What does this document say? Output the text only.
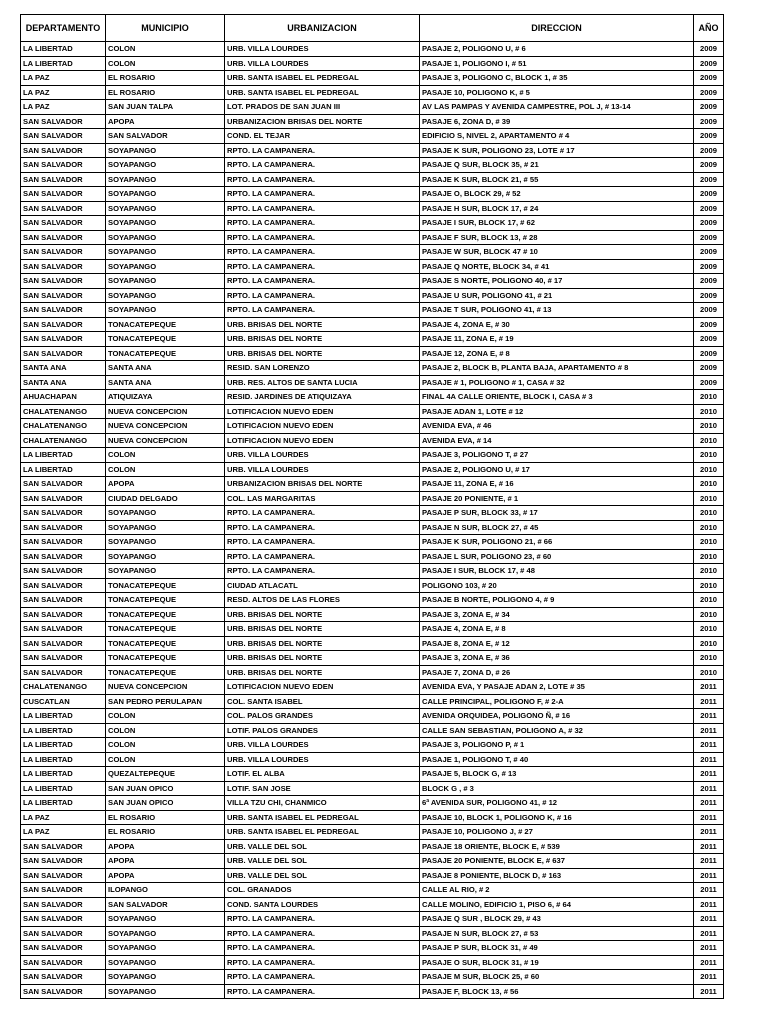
DEPARTAMENTO	MUNICIPIO	URBANIZACION	DIRECCION	AÑO
LA LIBERTAD	COLON	URB. VILLA LOURDES	PASAJE 2, POLIGONO U, # 6	2009
LA LIBERTAD	COLON	URB. VILLA LOURDES	PASAJE 1, POLIGONO I, # 51	2009
LA PAZ	EL ROSARIO	URB. SANTA ISABEL EL PEDREGAL	PASAJE 3, POLIGONO C, BLOCK 1, # 35	2009
LA PAZ	EL ROSARIO	URB. SANTA ISABEL EL PEDREGAL	PASAJE 10, POLIGONO K, # 5	2009
LA PAZ	SAN JUAN TALPA	LOT. PRADOS DE SAN JUAN III	AV LAS PAMPAS Y AVENIDA CAMPESTRE, POL J, # 13-14	2009
SAN SALVADOR	APOPA	URBANIZACION BRISAS DEL NORTE	PASAJE 6, ZONA D, # 39	2009
SAN SALVADOR	SAN SALVADOR	COND. EL TEJAR	EDIFICIO S, NIVEL 2, APARTAMENTO # 4	2009
SAN SALVADOR	SOYAPANGO	RPTO. LA CAMPANERA.	PASAJE K SUR, POLIGONO 23, LOTE # 17	2009
SAN SALVADOR	SOYAPANGO	RPTO. LA CAMPANERA.	PASAJE Q SUR, BLOCK 35, # 21	2009
SAN SALVADOR	SOYAPANGO	RPTO. LA CAMPANERA.	PASAJE K SUR, BLOCK 21, # 55	2009
SAN SALVADOR	SOYAPANGO	RPTO. LA CAMPANERA.	PASAJE O, BLOCK 29, # 52	2009
SAN SALVADOR	SOYAPANGO	RPTO. LA CAMPANERA.	PASAJE H SUR, BLOCK 17, # 24	2009
SAN SALVADOR	SOYAPANGO	RPTO. LA CAMPANERA.	PASAJE I SUR, BLOCK 17, # 62	2009
SAN SALVADOR	SOYAPANGO	RPTO. LA CAMPANERA.	PASAJE F SUR, BLOCK 13, # 28	2009
SAN SALVADOR	SOYAPANGO	RPTO. LA CAMPANERA.	PASAJE W SUR, BLOCK 47 # 10	2009
SAN SALVADOR	SOYAPANGO	RPTO. LA CAMPANERA.	PASAJE Q NORTE, BLOCK 34, # 41	2009
SAN SALVADOR	SOYAPANGO	RPTO. LA CAMPANERA.	PASAJE S NORTE, POLIGONO 40, # 17	2009
SAN SALVADOR	SOYAPANGO	RPTO. LA CAMPANERA.	PASAJE U SUR, POLIGONO 41, # 21	2009
SAN SALVADOR	SOYAPANGO	RPTO. LA CAMPANERA.	PASAJE T SUR, POLIGONO 41, # 13	2009
SAN SALVADOR	TONACATEPEQUE	URB. BRISAS DEL NORTE	PASAJE 4, ZONA E, # 30	2009
SAN SALVADOR	TONACATEPEQUE	URB. BRISAS DEL NORTE	PASAJE 11, ZONA E, # 19	2009
SAN SALVADOR	TONACATEPEQUE	URB. BRISAS DEL NORTE	PASAJE 12, ZONA E, # 8	2009
SANTA ANA	SANTA ANA	RESID. SAN LORENZO	PASAJE 2, BLOCK B, PLANTA BAJA, APARTAMENTO # 8	2009
SANTA ANA	SANTA ANA	URB. RES. ALTOS DE SANTA LUCIA	PASAJE # 1, POLIGONO # 1, CASA # 32	2009
AHUACHAPAN	ATIQUIZAYA	RESID. JARDINES DE ATIQUIZAYA	FINAL 4A CALLE ORIENTE, BLOCK I, CASA # 3	2010
CHALATENANGO	NUEVA CONCEPCION	LOTIFICACION NUEVO EDEN	PASAJE ADAN 1, LOTE # 12	2010
CHALATENANGO	NUEVA CONCEPCION	LOTIFICACION NUEVO EDEN	AVENIDA EVA, # 46	2010
CHALATENANGO	NUEVA CONCEPCION	LOTIFICACION NUEVO EDEN	AVENIDA EVA, # 14	2010
LA LIBERTAD	COLON	URB. VILLA LOURDES	PASAJE 3, POLIGONO T, # 27	2010
LA LIBERTAD	COLON	URB. VILLA LOURDES	PASAJE 2, POLIGONO U, # 17	2010
SAN SALVADOR	APOPA	URBANIZACION BRISAS DEL NORTE	PASAJE 11, ZONA E, # 16	2010
SAN SALVADOR	CIUDAD DELGADO	COL. LAS MARGARITAS	PASAJE 20 PONIENTE, # 1	2010
SAN SALVADOR	SOYAPANGO	RPTO. LA CAMPANERA.	PASAJE P SUR, BLOCK 33, # 17	2010
SAN SALVADOR	SOYAPANGO	RPTO. LA CAMPANERA.	PASAJE N SUR, BLOCK 27, # 45	2010
SAN SALVADOR	SOYAPANGO	RPTO. LA CAMPANERA.	PASAJE K SUR, POLIGONO 21, # 66	2010
SAN SALVADOR	SOYAPANGO	RPTO. LA CAMPANERA.	PASAJE L SUR, POLIGONO 23, # 60	2010
SAN SALVADOR	SOYAPANGO	RPTO. LA CAMPANERA.	PASAJE I SUR, BLOCK 17, # 48	2010
SAN SALVADOR	TONACATEPEQUE	CIUDAD ATLACATL	POLIGONO 103, # 20	2010
SAN SALVADOR	TONACATEPEQUE	RESD. ALTOS DE LAS FLORES	PASAJE B NORTE, POLIGONO 4, # 9	2010
SAN SALVADOR	TONACATEPEQUE	URB. BRISAS DEL NORTE	PASAJE 3, ZONA E, # 34	2010
SAN SALVADOR	TONACATEPEQUE	URB. BRISAS DEL NORTE	PASAJE 4, ZONA E, # 8	2010
SAN SALVADOR	TONACATEPEQUE	URB. BRISAS DEL NORTE	PASAJE 8, ZONA E, # 12	2010
SAN SALVADOR	TONACATEPEQUE	URB. BRISAS DEL NORTE	PASAJE 3, ZONA E, # 36	2010
SAN SALVADOR	TONACATEPEQUE	URB. BRISAS DEL NORTE	PASAJE 7, ZONA D, # 26	2010
CHALATENANGO	NUEVA CONCEPCION	LOTIFICACION NUEVO EDEN	AVENIDA EVA, Y PASAJE ADAN 2, LOTE # 35	2011
CUSCATLAN	SAN PEDRO PERULAPAN	COL. SANTA ISABEL	CALLE PRINCIPAL, POLIGONO F, # 2-A	2011
LA LIBERTAD	COLON	COL. PALOS GRANDES	AVENIDA ORQUIDEA, POLIGONO Ñ, # 16	2011
LA LIBERTAD	COLON	LOTIF. PALOS GRANDES	CALLE SAN SEBASTIAN, POLIGONO A, # 32	2011
LA LIBERTAD	COLON	URB. VILLA LOURDES	PASAJE 3, POLIGONO P, # 1	2011
LA LIBERTAD	COLON	URB. VILLA LOURDES	PASAJE 1, POLIGONO T, # 40	2011
LA LIBERTAD	QUEZALTEPEQUE	LOTIF. EL ALBA	PASAJE 5, BLOCK G, # 13	2011
LA LIBERTAD	SAN JUAN OPICO	LOTIF. SAN JOSE	BLOCK G , # 3	2011
LA LIBERTAD	SAN JUAN OPICO	VILLA TZU CHI, CHANMICO	6ª AVENIDA SUR, POLIGONO 41, # 12	2011
LA PAZ	EL ROSARIO	URB. SANTA ISABEL EL PEDREGAL	PASAJE 10, BLOCK 1, POLIGONO K, # 16	2011
LA PAZ	EL ROSARIO	URB. SANTA ISABEL EL PEDREGAL	PASAJE 10, POLIGONO J, # 27	2011
SAN SALVADOR	APOPA	URB. VALLE DEL SOL	PASAJE 18 ORIENTE, BLOCK E, # 539	2011
SAN SALVADOR	APOPA	URB. VALLE DEL SOL	PASAJE 20 PONIENTE, BLOCK E, # 637	2011
SAN SALVADOR	APOPA	URB. VALLE DEL SOL	PASAJE 8 PONIENTE, BLOCK D, # 163	2011
SAN SALVADOR	ILOPANGO	COL. GRANADOS	CALLE AL RIO, # 2	2011
SAN SALVADOR	SAN SALVADOR	COND. SANTA LOURDES	CALLE MOLINO, EDIFICIO 1, PISO 6, # 64	2011
SAN SALVADOR	SOYAPANGO	RPTO. LA CAMPANERA.	PASAJE Q SUR , BLOCK 29, # 43	2011
SAN SALVADOR	SOYAPANGO	RPTO. LA CAMPANERA.	PASAJE N SUR, BLOCK 27, # 53	2011
SAN SALVADOR	SOYAPANGO	RPTO. LA CAMPANERA.	PASAJE P SUR, BLOCK 31, # 49	2011
SAN SALVADOR	SOYAPANGO	RPTO. LA CAMPANERA.	PASAJE O SUR, BLOCK 31, # 19	2011
SAN SALVADOR	SOYAPANGO	RPTO. LA CAMPANERA.	PASAJE M SUR, BLOCK 25, # 60	2011
SAN SALVADOR	SOYAPANGO	RPTO. LA CAMPANERA.	PASAJE F, BLOCK 13, # 56	2011
